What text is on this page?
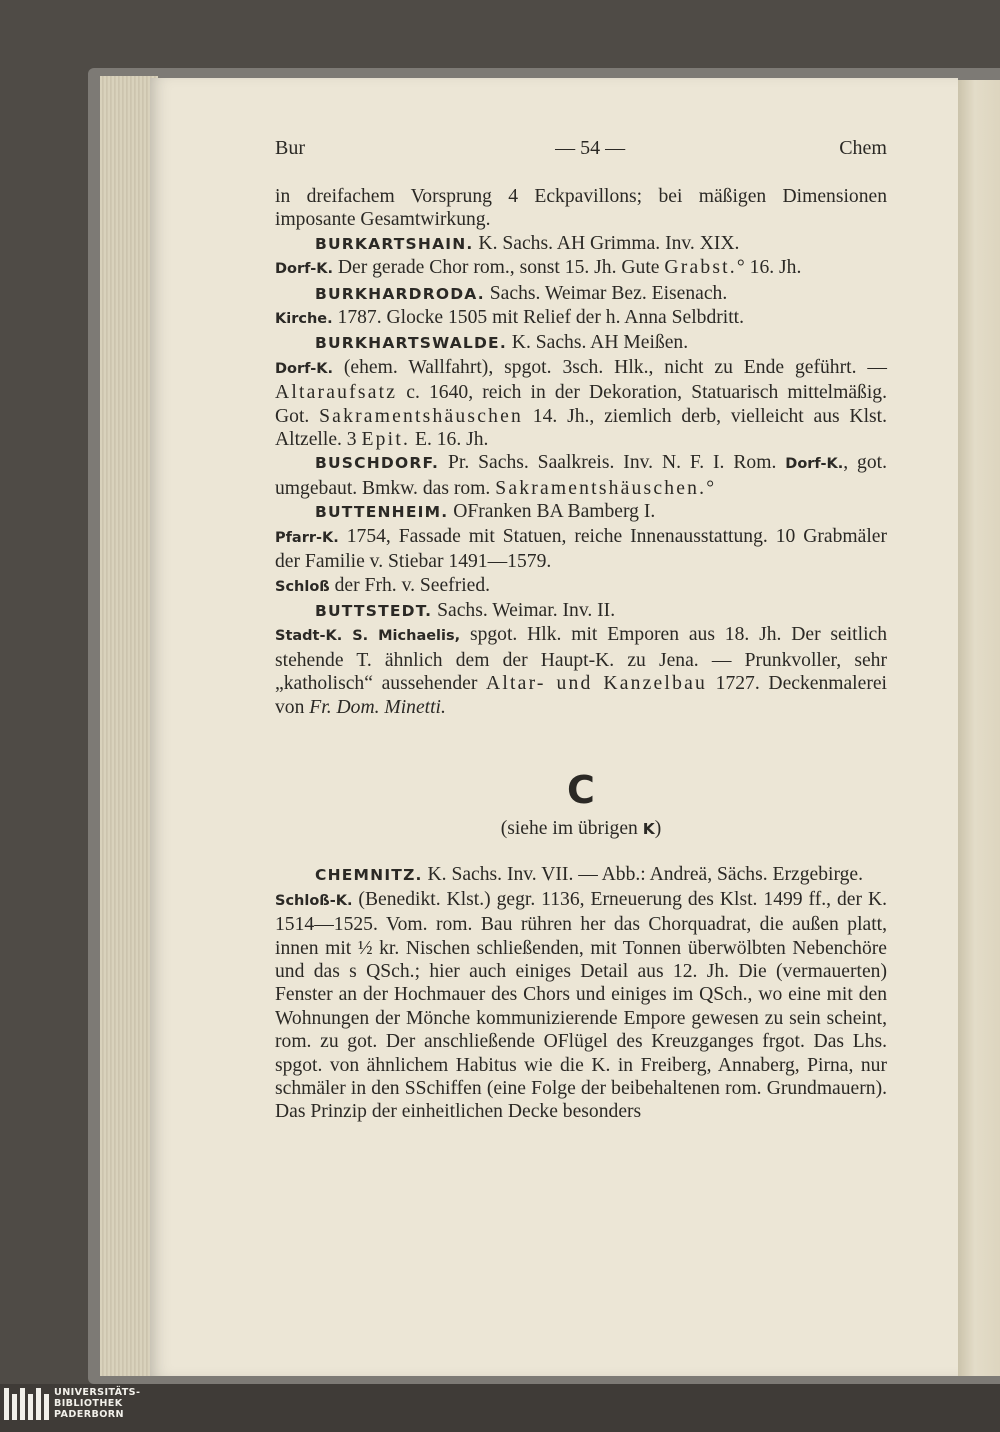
Bur	— 54 —	Chem

in dreifachem Vorsprung 4 Eckpavillons; bei mäßigen Dimensionen imposante Gesamtwirkung.

BURKARTSHAIN. K. Sachs. AH Grimma. Inv. XIX.
Dorf-K. Der gerade Chor rom., sonst 15. Jh. Gute Grabst.° 16. Jh.

BURKHARDRODA. Sachs. Weimar Bez. Eisenach.
Kirche. 1787. Glocke 1505 mit Relief der h. Anna Selbdritt.

BURKHARTSWALDE. K. Sachs. AH Meißen.
Dorf-K. (ehem. Wallfahrt), spgot. 3sch. Hlk., nicht zu Ende geführt. — Altaraufsatz c. 1640, reich in der Dekoration, Statuarisch mittelmäßig. Got. Sakramentshäuschen 14. Jh., ziemlich derb, vielleicht aus Klst. Altzelle. 3 Epit. E. 16. Jh.

BUSCHDORF. Pr. Sachs. Saalkreis. Inv. N. F. I. Rom. Dorf-K., got. umgebaut. Bmkw. das rom. Sakramentshäuschen.°

BUTTENHEIM. OFranken BA Bamberg I.
Pfarr-K. 1754, Fassade mit Statuen, reiche Innenausstattung. 10 Grabmäler der Familie v. Stiebar 1491—1579.
Schloß der Frh. v. Seefried.

BUTTSTEDT. Sachs. Weimar. Inv. II.
Stadt-K. S. Michaelis, spgot. Hlk. mit Emporen aus 18. Jh. Der seitlich stehende T. ähnlich dem der Haupt-K. zu Jena. — Prunkvoller, sehr „katholisch“ aussehender Altar- und Kanzelbau 1727. Deckenmalerei von Fr. Dom. Minetti.

C
(siehe im übrigen K)

CHEMNITZ. K. Sachs. Inv. VII. — Abb.: Andreä, Sächs. Erzgebirge.
Schloß-K. (Benedikt. Klst.) gegr. 1136, Erneuerung des Klst. 1499 ff., der K. 1514—1525. Vom. rom. Bau rühren her das Chorquadrat, die außen platt, innen mit ½ kr. Nischen schließenden, mit Tonnen überwölbten Nebenchöre und das s QSch.; hier auch einiges Detail aus 12. Jh. Die (vermauerten) Fenster an der Hochmauer des Chors und einiges im QSch., wo eine mit den Wohnungen der Mönche kommunizierende Empore gewesen zu sein scheint, rom. zu got. Der anschließende OFlügel des Kreuzganges frgot. Das Lhs. spgot. von ähnlichem Habitus wie die K. in Freiberg, Annaberg, Pirna, nur schmäler in den SSchiffen (eine Folge der beibehaltenen rom. Grundmauern). Das Prinzip der einheitlichen Decke besonders

UNIVERSITÄTS-
BIBLIOTHEK
PADERBORN
